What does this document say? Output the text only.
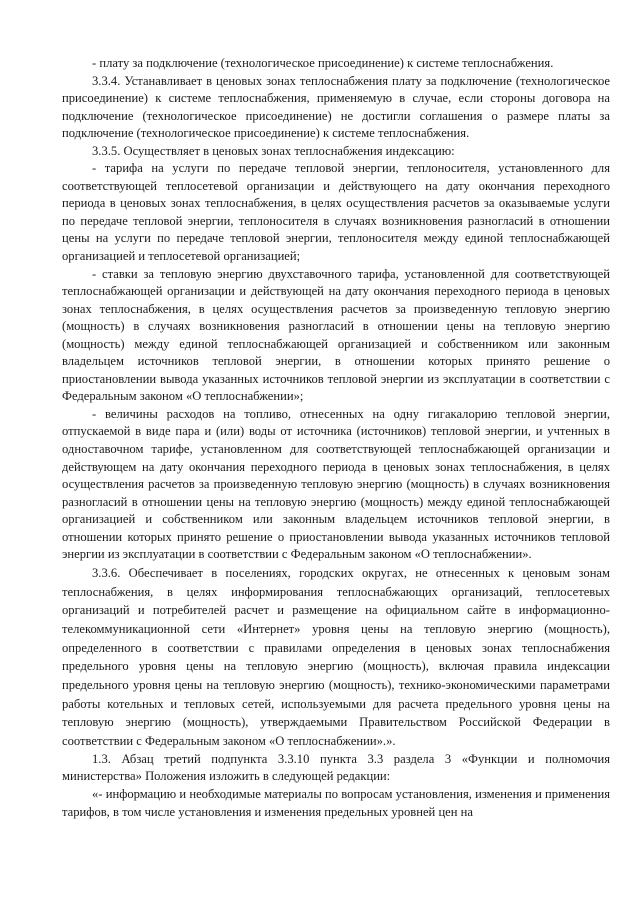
- плату за подключение (технологическое присоединение) к системе теплоснабжения.

3.3.4. Устанавливает в ценовых зонах теплоснабжения плату за подключение (технологическое присоединение) к системе теплоснабжения, применяемую в случае, если стороны договора на подключение (технологическое присоединение) не достигли соглашения о размере платы за подключение (технологическое присоединение) к системе теплоснабжения.

3.3.5. Осуществляет в ценовых зонах теплоснабжения индексацию:

- тарифа на услуги по передаче тепловой энергии, теплоносителя, установленного для соответствующей теплосетевой организации и действующего на дату окончания переходного периода в ценовых зонах теплоснабжения, в целях осуществления расчетов за оказываемые услуги по передаче тепловой энергии, теплоносителя в случаях возникновения разногласий в отношении цены на услуги по передаче тепловой энергии, теплоносителя между единой теплоснабжающей организацией и теплосетевой организацией;

- ставки за тепловую энергию двухставочного тарифа, установленной для соответствующей теплоснабжающей организации и действующей на дату окончания переходного периода в ценовых зонах теплоснабжения, в целях осуществления расчетов за произведенную тепловую энергию (мощность) в случаях возникновения разногласий в отношении цены на тепловую энергию (мощность) между единой теплоснабжающей организацией и собственником или законным владельцем источников тепловой энергии, в отношении которых принято решение о приостановлении вывода указанных источников тепловой энергии из эксплуатации в соответствии с Федеральным законом «О теплоснабжении»;

- величины расходов на топливо, отнесенных на одну гигакалорию тепловой энергии, отпускаемой в виде пара и (или) воды от источника (источников) тепловой энергии, и учтенных в одноставочном тарифе, установленном для соответствующей теплоснабжающей организации и действующем на дату окончания переходного периода в ценовых зонах теплоснабжения, в целях осуществления расчетов за произведенную тепловую энергию (мощность) в случаях возникновения разногласий в отношении цены на тепловую энергию (мощность) между единой теплоснабжающей организацией и собственником или законным владельцем источников тепловой энергии, в отношении которых принято решение о приостановлении вывода указанных источников тепловой энергии из эксплуатации в соответствии с Федеральным законом «О теплоснабжении».

3.3.6. Обеспечивает в поселениях, городских округах, не отнесенных к ценовым зонам теплоснабжения, в целях информирования теплоснабжающих организаций, теплосетевых организаций и потребителей расчет и размещение на официальном сайте в информационно-телекоммуникационной сети «Интернет» уровня цены на тепловую энергию (мощность), определенного в соответствии с правилами определения в ценовых зонах теплоснабжения предельного уровня цены на тепловую энергию (мощность), включая правила индексации предельного уровня цены на тепловую энергию (мощность), технико-экономическими параметрами работы котельных и тепловых сетей, используемыми для расчета предельного уровня цены на тепловую энергию (мощность), утверждаемыми Правительством Российской Федерации в соответствии с Федеральным законом «О теплоснабжении».».

1.3. Абзац третий подпункта 3.3.10 пункта 3.3 раздела 3 «Функции и полномочия министерства» Положения изложить в следующей редакции:

«- информацию и необходимые материалы по вопросам установления, изменения и применения тарифов, в том числе установления и изменения предельных уровней цен на
